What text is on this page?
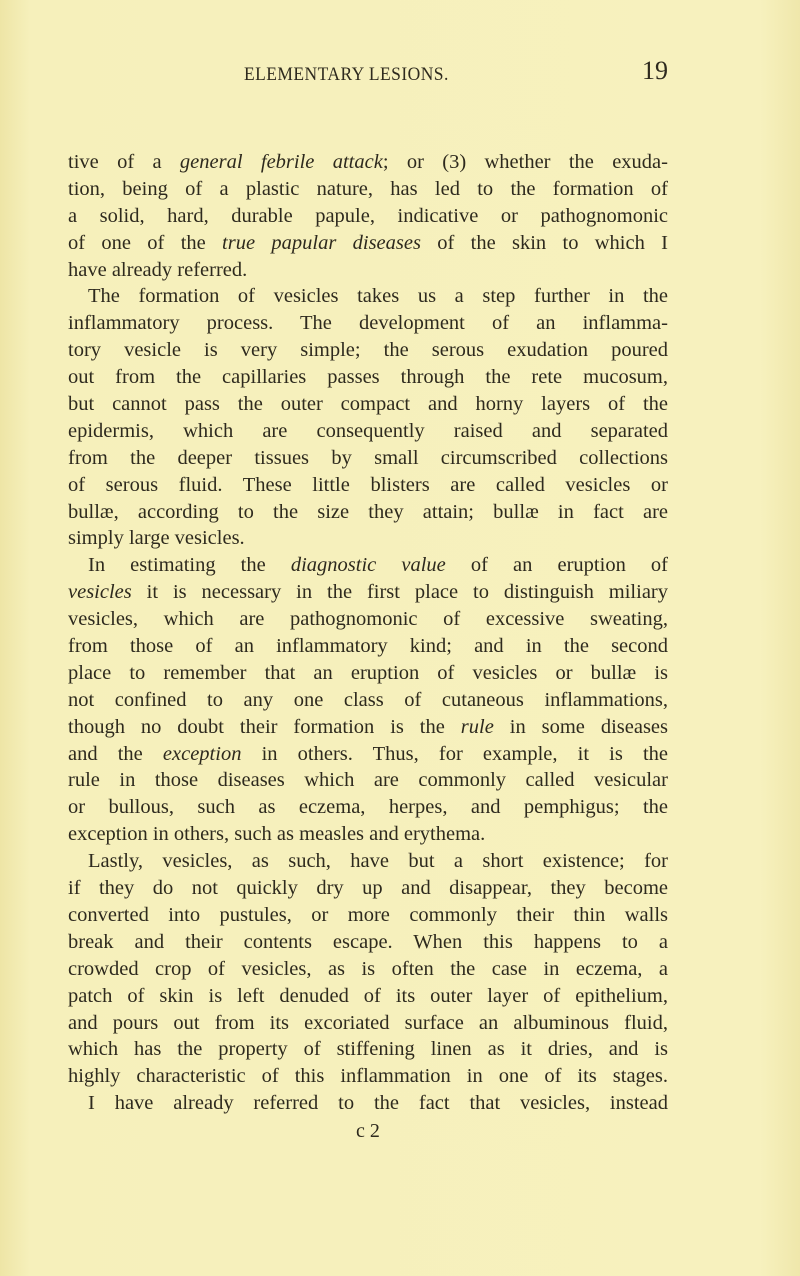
ELEMENTARY LESIONS.	19
tive of a general febrile attack; or (3) whether the exuda-
tion, being of a plastic nature, has led to the formation of
a solid, hard, durable papule, indicative or pathognomonic
of one of the true papular diseases of the skin to which I
have already referred.
The formation of vesicles takes us a step further in the
inflammatory process. The development of an inflamma-
tory vesicle is very simple; the serous exudation poured
out from the capillaries passes through the rete mucosum,
but cannot pass the outer compact and horny layers of the
epidermis, which are consequently raised and separated
from the deeper tissues by small circumscribed collections
of serous fluid. These little blisters are called vesicles or
bullæ, according to the size they attain; bullæ in fact are
simply large vesicles.
In estimating the diagnostic value of an eruption of
vesicles it is necessary in the first place to distinguish miliary
vesicles, which are pathognomonic of excessive sweating,
from those of an inflammatory kind; and in the second
place to remember that an eruption of vesicles or bullæ is
not confined to any one class of cutaneous inflammations,
though no doubt their formation is the rule in some diseases
and the exception in others. Thus, for example, it is the
rule in those diseases which are commonly called vesicular
or bullous, such as eczema, herpes, and pemphigus; the
exception in others, such as measles and erythema.
Lastly, vesicles, as such, have but a short existence; for
if they do not quickly dry up and disappear, they become
converted into pustules, or more commonly their thin walls
break and their contents escape. When this happens to a
crowded crop of vesicles, as is often the case in eczema, a
patch of skin is left denuded of its outer layer of epithelium,
and pours out from its excoriated surface an albuminous fluid,
which has the property of stiffening linen as it dries, and is
highly characteristic of this inflammation in one of its stages.
I have already referred to the fact that vesicles, instead
c 2
